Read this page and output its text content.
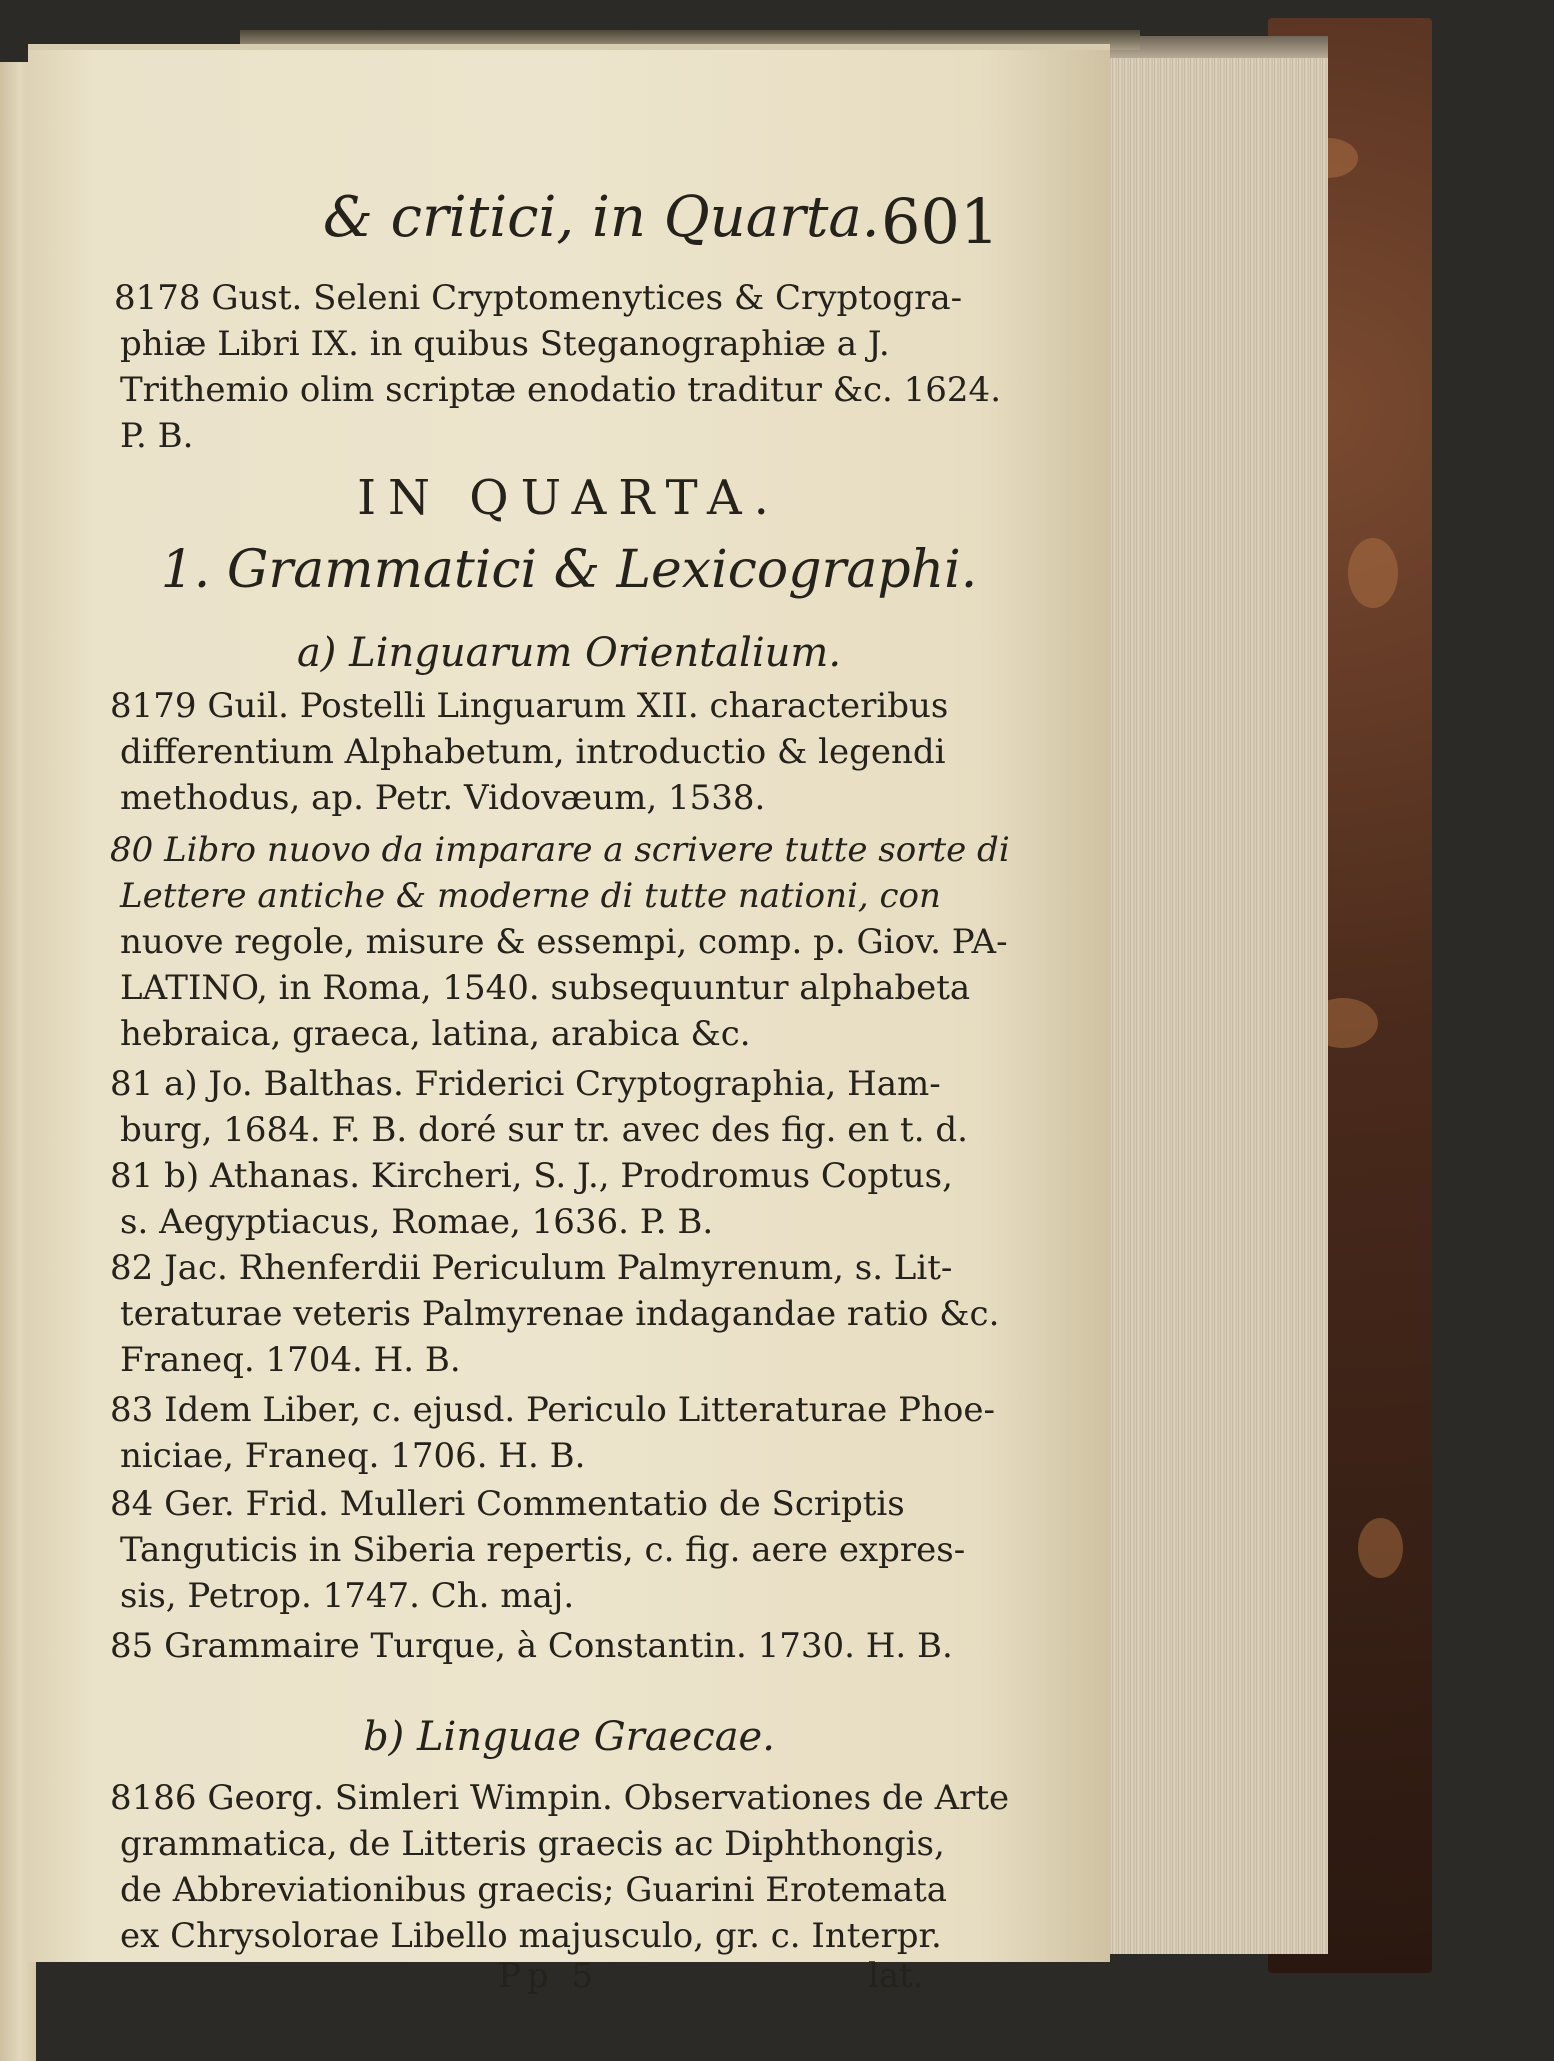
& critici, in Quarta. 601
8178 Gust. Seleni Cryptomenytices & Cryptogra-
phiæ Libri IX. in quibus Steganographiæ a J.
Trithemio olim scriptæ enodatio traditur &c. 1624.
P. B.
IN QUARTA.
1. Grammatici & Lexicographi.
a) Linguarum Orientalium.
8179 Guil. Postelli Linguarum XII. characteribus
differentium Alphabetum, introductio & legendi
methodus, ap. Petr. Vidovæum, 1538.
80 Libro nuovo da imparare a scrivere tutte sorte di
Lettere antiche & moderne di tutte nationi, con
nuove regole, misure & essempi, comp. p. Giov. PA-
LATINO, in Roma, 1540. subsequuntur alphabeta
hebraica, graeca, latina, arabica &c.
81 a) Jo. Balthas. Friderici Cryptographia, Ham-
burg, 1684. F. B. doré sur tr. avec des fig. en t. d.
81 b) Athanas. Kircheri, S. J., Prodromus Coptus,
s. Aegyptiacus, Romae, 1636. P. B.
82 Jac. Rhenferdii Periculum Palmyrenum, s. Lit-
teraturae veteris Palmyrenae indagandae ratio &c.
Franeq. 1704. H. B.
83 Idem Liber, c. ejusd. Periculo Litteraturae Phoe-
niciae, Franeq. 1706. H. B.
84 Ger. Frid. Mulleri Commentatio de Scriptis
Tanguticis in Siberia repertis, c. fig. aere expres-
sis, Petrop. 1747. Ch. maj.
85 Grammaire Turque, à Constantin. 1730. H. B.
b) Linguae Graecae.
8186 Georg. Simleri Wimpin. Observationes de Arte
grammatica, de Litteris graecis ac Diphthongis,
de Abbreviationibus graecis; Guarini Erotemata
ex Chrysolorae Libello majusculo, gr. c. Interpr.
Pp 5	lat.
